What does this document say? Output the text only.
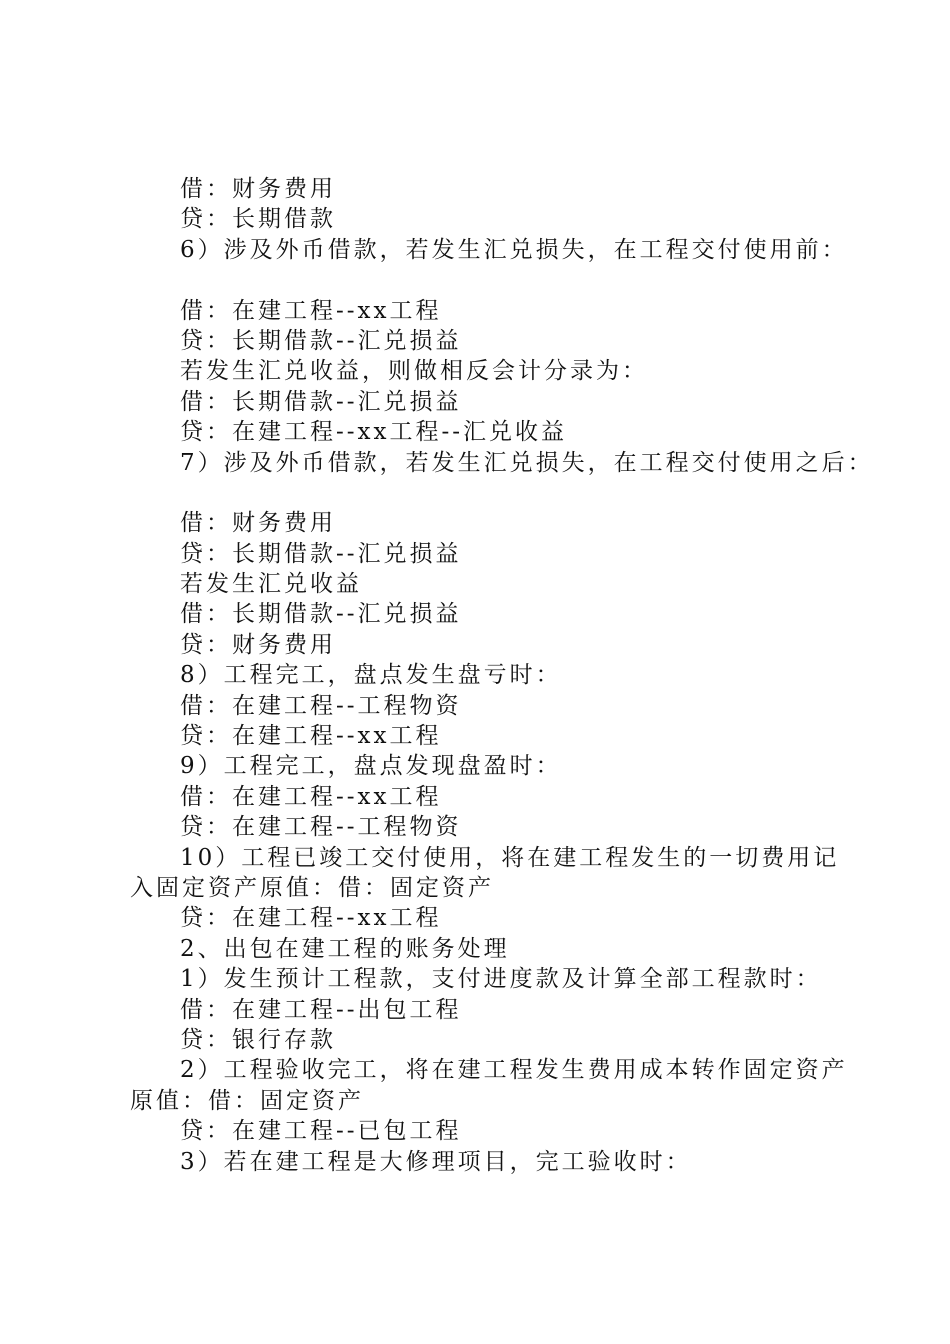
借：财务费用
贷：长期借款
6）涉及外币借款，若发生汇兑损失，在工程交付使用前：
借：在建工程--xx工程
贷：长期借款--汇兑损益
若发生汇兑收益，则做相反会计分录为：
借：长期借款--汇兑损益
贷：在建工程--xx工程--汇兑收益
7）涉及外币借款，若发生汇兑损失，在工程交付使用之后：
借：财务费用
贷：长期借款--汇兑损益
若发生汇兑收益
借：长期借款--汇兑损益
贷：财务费用
8）工程完工，盘点发生盘亏时：
借：在建工程--工程物资
贷：在建工程--xx工程
9）工程完工，盘点发现盘盈时：
借：在建工程--xx工程
贷：在建工程--工程物资
10）工程已竣工交付使用，将在建工程发生的一切费用记
入固定资产原值：借：固定资产
贷：在建工程--xx工程
2、出包在建工程的账务处理
1）发生预计工程款，支付进度款及计算全部工程款时：
借：在建工程--出包工程
贷：银行存款
2）工程验收完工，将在建工程发生费用成本转作固定资产
原值：借：固定资产
贷：在建工程--已包工程
3）若在建工程是大修理项目，完工验收时：
